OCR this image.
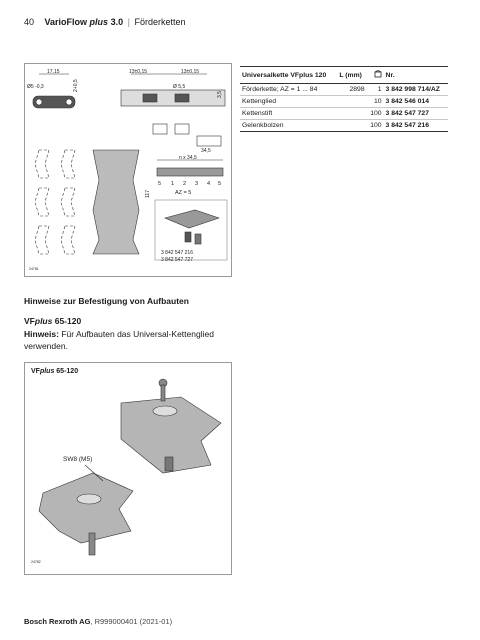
40 VarioFlow plus 3.0 | Förderketten
17,15
Ø5 -0,3	2+0,5
13±0,15	13±0,15
Ø 5,5
3,5
34,5
n x 34,5
5 1 2 3 4 5
AZ = 5
117
3 842 547 216
3 842 547 727
24781
Universalkette VFplus 120	L (mm)		Nr.
Förderkette; AZ = 1 ... 84	2898	1	3 842 998 714/AZ
Kettenglied		10	3 842 546 014
Kettenstift		100	3 842 547 727
Gelenkbolzen		100	3 842 547 216
Hinweise zur Befestigung von Aufbauten
VFplus 65-120
Hinweis: Für Aufbauten das Universal-Kettenglied verwenden.
VFplus 65-120
SW8 (M5)
24782
Bosch Rexroth AG, R999000401 (2021-01)
